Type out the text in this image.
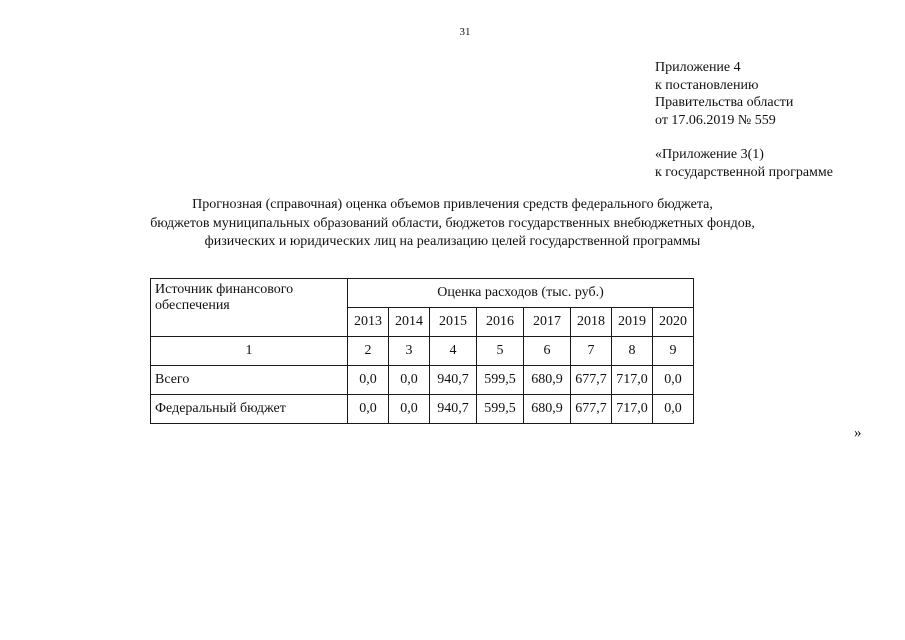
31
Приложение 4
к постановлению
Правительства области
от 17.06.2019 № 559
«Приложение 3(1)
к государственной программе
Прогнозная (справочная) оценка объемов привлечения средств федерального бюджета,
бюджетов муниципальных образований области, бюджетов государственных внебюджетных фондов,
физических и юридических лиц на реализацию целей государственной программы
Источник финансового обеспечения	Оценка расходов (тыс. руб.)							
	2013	2014	2015	2016	2017	2018	2019	2020
1	2	3	4	5	6	7	8	9
Всего	0,0	0,0	940,7	599,5	680,9	677,7	717,0	0,0
Федеральный бюджет	0,0	0,0	940,7	599,5	680,9	677,7	717,0	0,0
»
